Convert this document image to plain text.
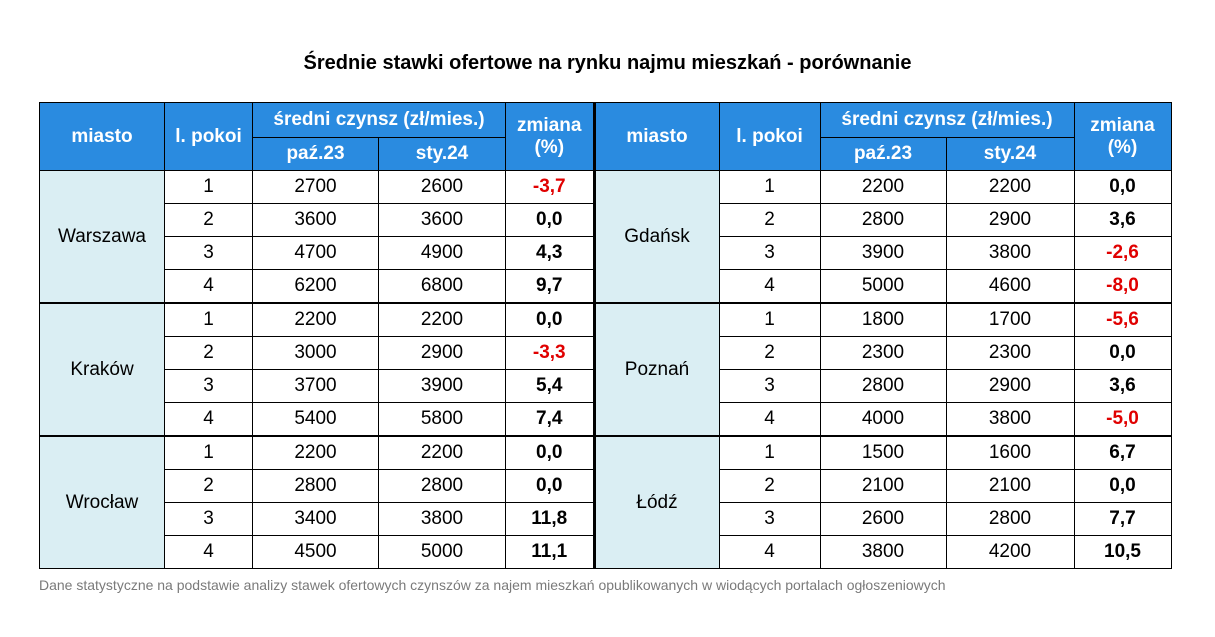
Średnie stawki ofertowe na rynku najmu mieszkań - porównanie
miasto	l. pokoi	średni czynsz (zł/mies.)		zmiana (%)
		paź.23	sty.24	
Warszawa	1	2700	2600	-3,7
	2	3600	3600	0,0
	3	4700	4900	4,3
	4	6200	6800	9,7
Kraków	1	2200	2200	0,0
	2	3000	2900	-3,3
	3	3700	3900	5,4
	4	5400	5800	7,4
Wrocław	1	2200	2200	0,0
	2	2800	2800	0,0
	3	3400	3800	11,8
	4	4500	5000	11,1
miasto	l. pokoi	średni czynsz (zł/mies.)		zmiana (%)
		paź.23	sty.24	
Gdańsk	1	2200	2200	0,0
	2	2800	2900	3,6
	3	3900	3800	-2,6
	4	5000	4600	-8,0
Poznań	1	1800	1700	-5,6
	2	2300	2300	0,0
	3	2800	2900	3,6
	4	4000	3800	-5,0
Łódź	1	1500	1600	6,7
	2	2100	2100	0,0
	3	2600	2800	7,7
	4	3800	4200	10,5
Dane statystyczne na podstawie analizy stawek ofertowych czynszów za najem mieszkań opublikowanych w wiodących portalach ogłoszeniowych
